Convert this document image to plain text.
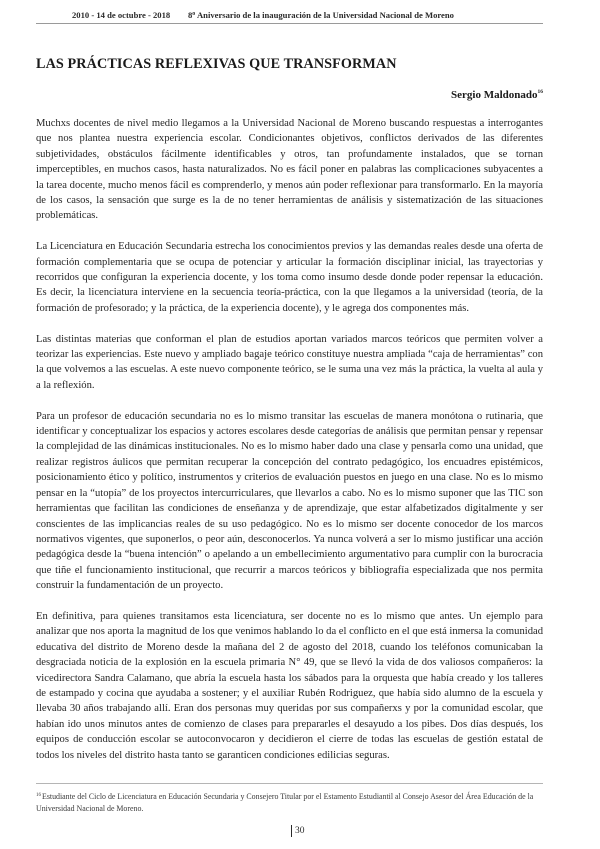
2010 - 14 de octubre - 2018 8$^o$ Aniversario de la inauguración de la Universidad Nacional de Moreno
LAS PRÁCTICAS REFLEXIVAS QUE TRANSFORMAN
Sergio Maldonado$^{16}$

Muchxs docentes de nivel medio llegamos a la Universidad Nacional de Moreno buscando respuestas a interrogantes que nos plantea nuestra experiencia escolar. Condicionantes objetivos, conflictos derivados de las diferentes subjetividades, obstáculos fácilmente identificables y otros, tan profundamente instalados, que se tornan imperceptibles, en muchos casos, hasta naturalizados. No es fácil poner en palabras las complicaciones subyacentes a la tarea docente, mucho menos fácil es comprenderlo, y menos aún poder reflexionar para transformarlo. En la mayoría de los casos, la sensación que surge es la de no tener herramientas de análisis y sistematización de las situaciones problemáticas.

La Licenciatura en Educación Secundaria estrecha los conocimientos previos y las demandas reales desde una oferta de formación complementaria que se ocupa de potenciar y articular la formación disciplinar inicial, las trayectorias y recorridos que configuran la experiencia docente, y los toma como insumo desde donde poder repensar la educación. Es decir, la licenciatura interviene en la secuencia teoría-práctica, con la que llegamos a la universidad (teoría, de la formación de profesorado; y la práctica, de la experiencia docente), y le agrega dos componentes más.

Las distintas materias que conforman el plan de estudios aportan variados marcos teóricos que permiten volver a teorizar las experiencias. Este nuevo y ampliado bagaje teórico constituye nuestra ampliada “caja de herramientas” con la que volvemos a las escuelas. A este nuevo componente teórico, se le suma una vez más la práctica, la vuelta al aula y a la reflexión.

Para un profesor de educación secundaria no es lo mismo transitar las escuelas de manera monótona o rutinaria, que identificar y conceptualizar los espacios y actores escolares desde categorías de análisis que permitan pensar y repensar la complejidad de las dinámicas institucionales. No es lo mismo haber dado una clase y pensarla como una unidad, que realizar registros áulicos que permitan recuperar la concepción del contrato pedagógico, los encuadres epistémicos, posicionamiento ético y político, instrumentos y criterios de evaluación puestos en juego en una clase. No es lo mismo pensar en la “utopía” de los proyectos intercurriculares, que llevarlos a cabo. No es lo mismo suponer que las TIC son herramientas que facilitan las condiciones de enseñanza y de aprendizaje, que estar alfabetizados digitalmente y ser conscientes de las implicancias reales de su uso pedagógico. No es lo mismo ser docente conocedor de los marcos normativos vigentes, que suponerlos, o peor aún, desconocerlos. Ya nunca volverá a ser lo mismo justificar una acción pedagógica desde la “buena intención” o apelando a un embellecimiento argumentativo para cumplir con la burocracia que tiñe el funcionamiento institucional, que recurrir a marcos teóricos y bibliografía especializada que nos permita construir la fundamentación de un proyecto.

En definitiva, para quienes transitamos esta licenciatura, ser docente no es lo mismo que antes. Un ejemplo para analizar que nos aporta la magnitud de los que venimos hablando lo da el conflicto en el que está inmersa la comunidad educativa del distrito de Moreno desde la mañana del 2 de agosto del 2018, cuando los teléfonos comunicaban la desgraciada noticia de la explosión en la escuela primaria N° 49, que se llevó la vida de dos valiosos compañeros: la vicedirectora Sandra Calamano, que abría la escuela hasta los sábados para la orquesta que había creado y los talleres de estampado y cocina que ayudaba a sostener; y el auxiliar Rubén Rodriguez, que había sido alumno de la escuela y llevaba 30 años trabajando allí. Eran dos personas muy queridas por sus compañerxs y por la comunidad escolar, que habían ido unos minutos antes de comienzo de clases para prepararles el desayudo a los pibes. Dos días después, los equipos de conducción escolar se autoconvocaron y decidieron el cierre de todas las escuelas de gestión estatal de todos los niveles del distrito hasta tanto se garanticen condiciones edilicias seguras.

$^{16}$Estudiante del Ciclo de Licenciatura en Educación Secundaria y Consejero Titular por el Estamento Estudiantil al Consejo Asesor del Área Educación de la Universidad Nacional de Moreno.

30
